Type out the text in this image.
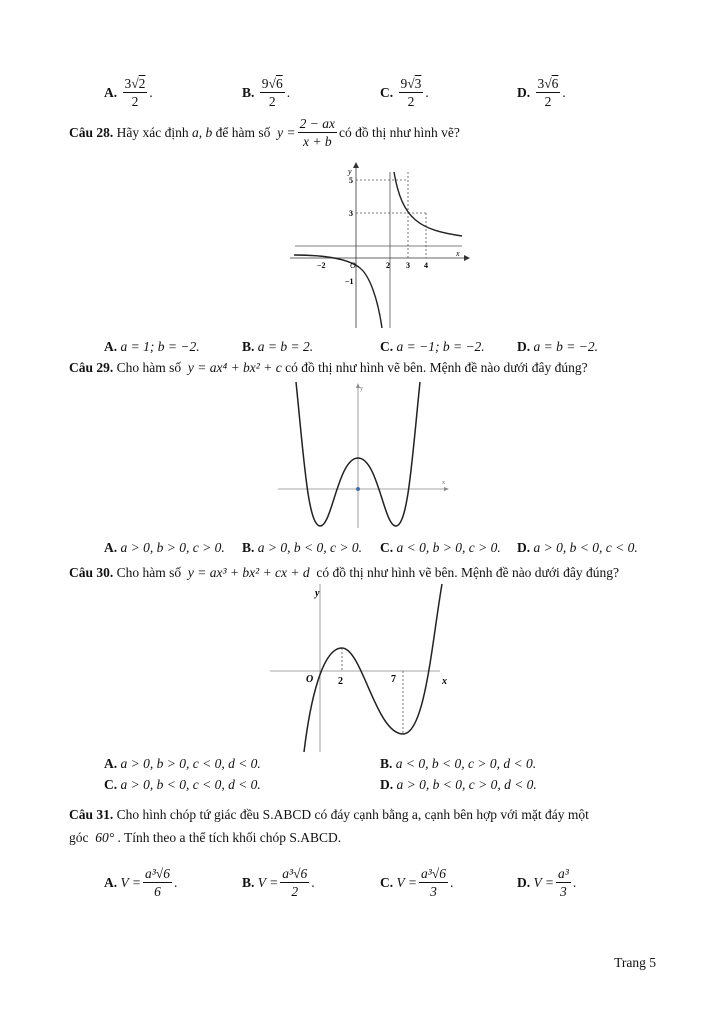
A.
$\frac{3√2}{2}$ .	B.
$\frac{9√6}{2}$ .	C.
$\frac{9√3}{2}$ .	D.
$\frac{3√6}{2}$ .
Câu 28.
Hãy xác định
a, b
để hàm số
$y = \frac{2 - ax}{x + b}$ có đồ thị như hình vẽ?
y
x
O
−2	2 3 4
5
3
−1
A. a = 1; b = −2.	B. a = b = 2.	C. a = −1; b = −2. D. a = b = −2.
Câu 29. Cho hàm số y = ax⁴ + bx² + c có đồ thị như hình vẽ bên. Mệnh đề nào dưới đây đúng?
y
x
A. a > 0, b > 0, c > 0. B. a > 0, b < 0, c > 0. C. a < 0, b > 0, c > 0. D. a > 0, b < 0, c < 0.
Câu 30. Cho hàm số y = ax³ + bx² + cx + d có đồ thị như hình vẽ bên. Mệnh đề nào dưới đây đúng?
y
x
O 2	7
A. a > 0, b > 0, c < 0, d < 0.	B. a < 0, b < 0, c > 0, d < 0.
C. a > 0, b < 0, c < 0, d < 0.	D. a > 0, b < 0, c > 0, d < 0.
Câu 31. Cho hình chóp tứ giác đều S.ABCD có đáy cạnh bằng a, cạnh bên hợp với mặt đáy một
góc 60° . Tính theo a thể tích khối chóp S.ABCD.
A.
$V = \frac{\text{a³√6}}{6}$ .	B.
$V = \frac{\text{a³√6}}{2}$ .	C.
$V = \frac{\text{a³√6}}{3}$ .	D.
$V = \frac{\text{a³}}{3}$ .
Trang 5
